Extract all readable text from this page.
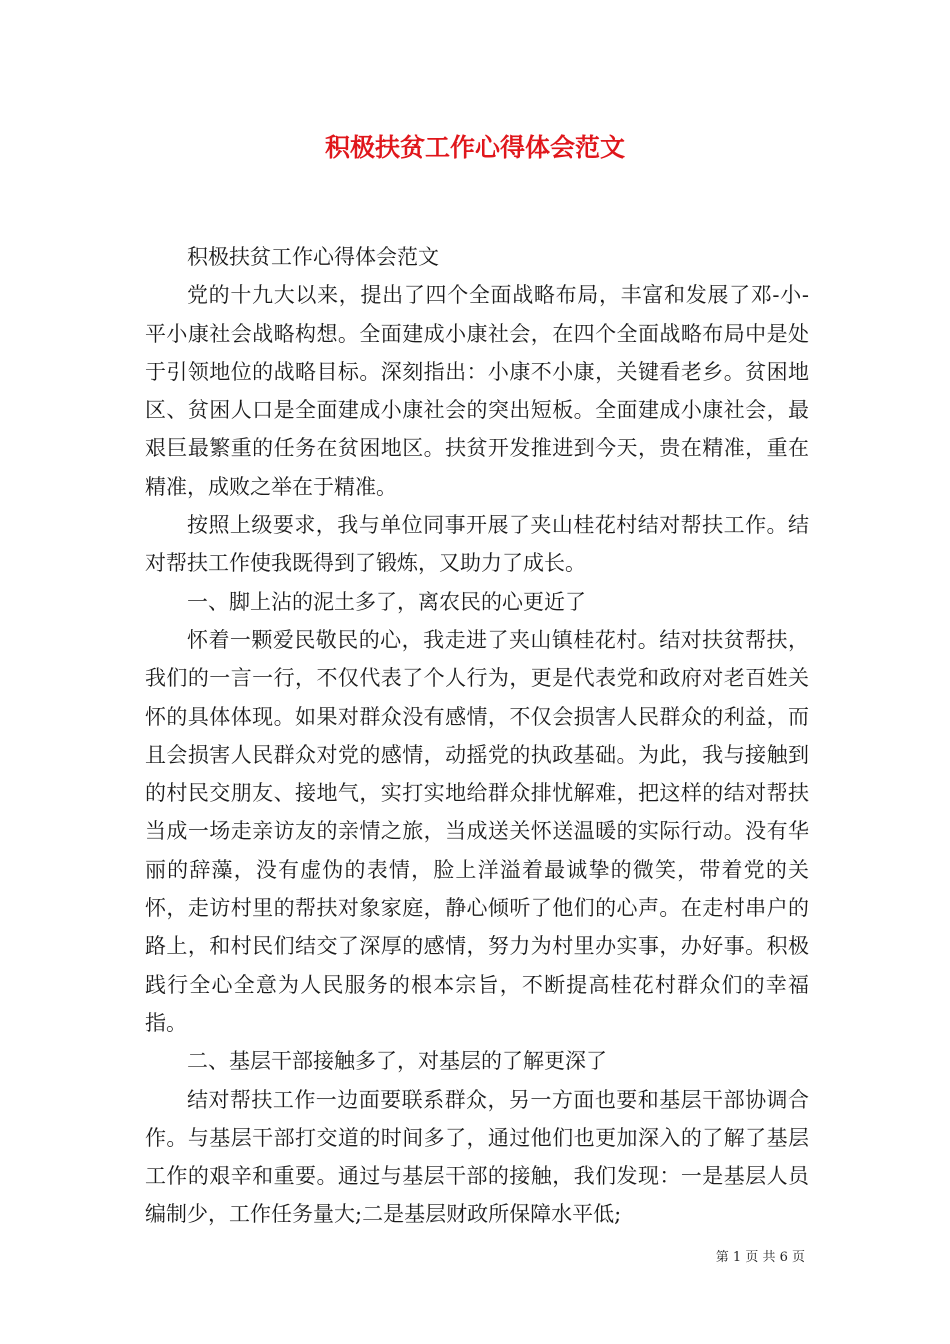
积极扶贫工作心得体会范文

积极扶贫工作心得体会范文

党的十九大以来，提出了四个全面战略布局，丰富和发展了邓-小-平小康社会战略构想。全面建成小康社会，在四个全面战略布局中是处于引领地位的战略目标。深刻指出：小康不小康，关键看老乡。贫困地区、贫困人口是全面建成小康社会的突出短板。全面建成小康社会，最艰巨最繁重的任务在贫困地区。扶贫开发推进到今天，贵在精准，重在精准，成败之举在于精准。

按照上级要求，我与单位同事开展了夹山桂花村结对帮扶工作。结对帮扶工作使我既得到了锻炼，又助力了成长。

一、脚上沾的泥土多了，离农民的心更近了

怀着一颗爱民敬民的心，我走进了夹山镇桂花村。结对扶贫帮扶，我们的一言一行，不仅代表了个人行为，更是代表党和政府对老百姓关怀的具体体现。如果对群众没有感情，不仅会损害人民群众的利益，而且会损害人民群众对党的感情，动摇党的执政基础。为此，我与接触到的村民交朋友、接地气，实打实地给群众排忧解难，把这样的结对帮扶当成一场走亲访友的亲情之旅，当成送关怀送温暖的实际行动。没有华丽的辞藻，没有虚伪的表情，脸上洋溢着最诚挚的微笑，带着党的关怀，走访村里的帮扶对象家庭，静心倾听了他们的心声。在走村串户的路上，和村民们结交了深厚的感情，努力为村里办实事，办好事。积极践行全心全意为人民服务的根本宗旨，不断提高桂花村群众们的幸福指。

二、基层干部接触多了，对基层的了解更深了

结对帮扶工作一边面要联系群众，另一方面也要和基层干部协调合作。与基层干部打交道的时间多了，通过他们也更加深入的了解了基层工作的艰辛和重要。通过与基层干部的接触，我们发现：一是基层人员编制少，工作任务量大;二是基层财政所保障水平低;

第 1 页 共 6 页
